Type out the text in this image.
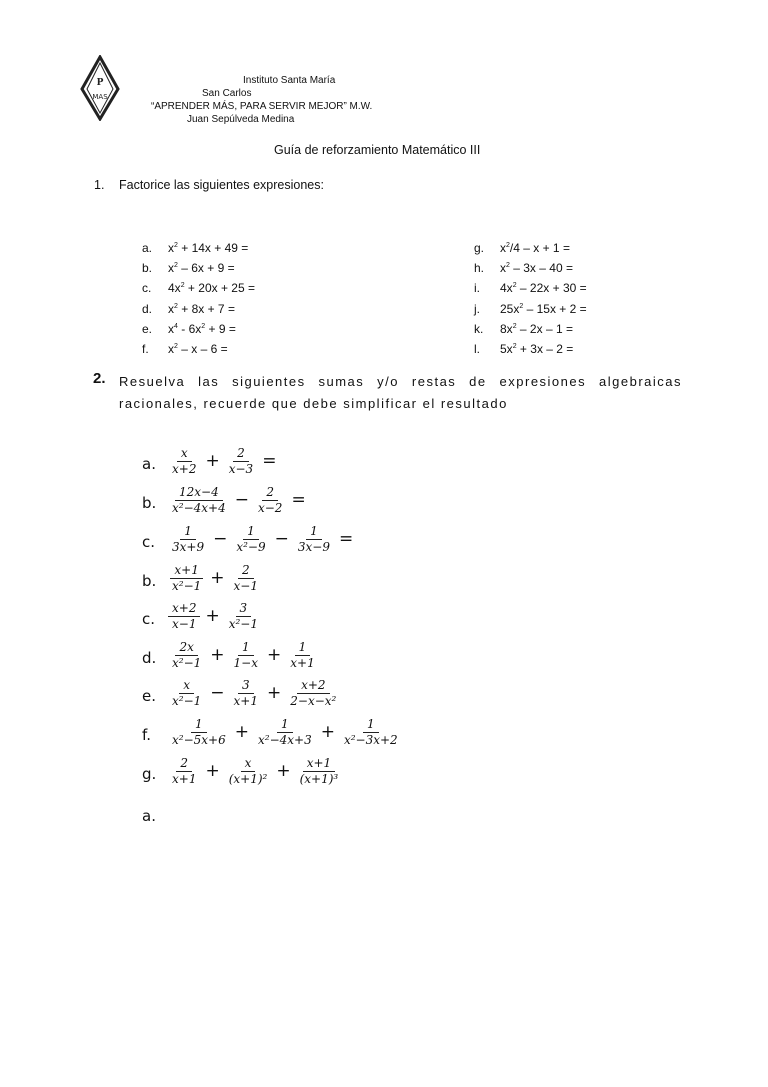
P
MAS
Instituto Santa María
San Carlos
“APRENDER MÁS, PARA SERVIR MEJOR” M.W.
Juan Sepúlveda Medina
Guía de reforzamiento Matemático III
1. Factorice las siguientes expresiones:
a. $x^2 + 14x + 49$ =
b. $x^2 - 6x + 9$ =
c. $4x^2 + 20x + 25$ =
d. $x^2 + 8x + 7$ =
e. $x^4 - 6x^2 + 9$ =
f. $x^2$ – x – 6 =
g. $x^2/4 - x + 1$ =
h. $x^2 - 3x - 40$ =
i. $4x^2 - 22x + 30$ =
j. $25x^2 - 15x + 2$ =
k. $8x^2 - 2x - 1$ =
l. $5x^2 + 3x - 2$ =
2. Resuelva las siguientes sumas y/o restas de expresiones algebraicas racionales, recuerde que debe simplificar el resultado
a.	$\frac{x}{x+2} + \frac{2}{x-3}$ =
b. $\frac{12x-4}{\text{x²−4x+4}} - \frac{2}{x-2}$ =
c.	$\frac{1}{3x+9} - \frac{1}{\text{x²−9}} - \frac{1}{3x-9}$ =
b. $\frac{x+1}{\text{x²−1}} + \frac{2}{x-1}$
c.	$\frac{x+2}{x-1} + \frac{3}{\text{x²−1}}$
d. $\frac{2x}{\text{x²−1}} + \frac{1}{1-x} + \frac{1}{x+1}$
e.	$\frac{x}{\text{x²−1}} - \frac{3}{x+1} + \frac{x+2}{\text{2−x−x²}}$
f.	$\frac{1}{\text{x²−5x+6}} + \frac{1}{\text{x²−4x+3}} + \frac{1}{\text{x²−3x+2}}$
g. $\frac{2}{x+1} + \frac{x}{\text{(x+1)²}} + \frac{x+1}{\text{(x+1)³}}$
a.
